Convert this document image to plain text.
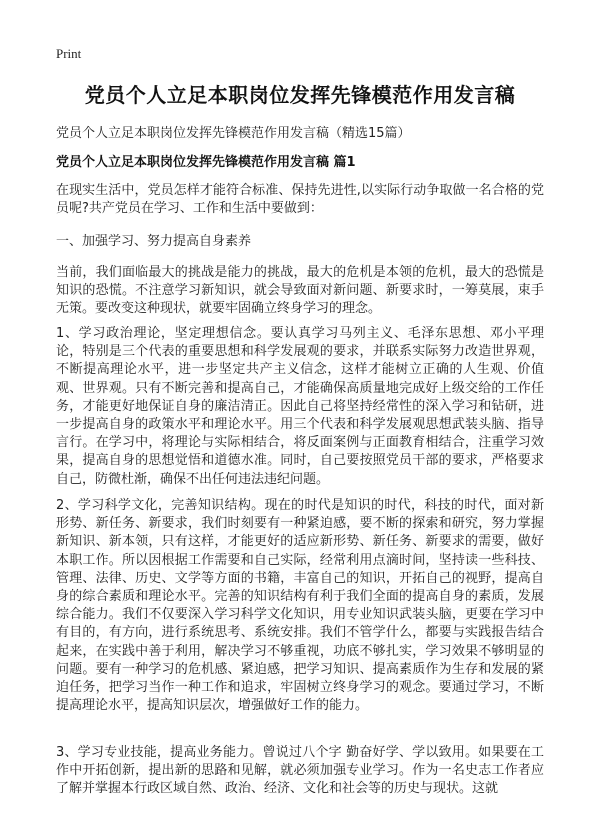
Print
党员个人立足本职岗位发挥先锋模范作用发言稿
党员个人立足本职岗位发挥先锋模范作用发言稿（精选15篇）
党员个人立足本职岗位发挥先锋模范作用发言稿 篇1

在现实生活中，党员怎样才能符合标准、保持先进性,以实际行动争取做一名合格的党员呢?共产党员在学习、工作和生活中要做到：

一、加强学习、努力提高自身素养

当前，我们面临最大的挑战是能力的挑战，最大的危机是本领的危机，最大的恐慌是知识的恐慌。不注意学习新知识，就会导致面对新问题、新要求时，一筹莫展，束手无策。要改变这种现状，就要牢固确立终身学习的理念。

1、学习政治理论，坚定理想信念。要认真学习马列主义、毛泽东思想、邓小平理论，特别是三个代表的重要思想和科学发展观的要求，并联系实际努力改造世界观，不断提高理论水平，进一步坚定共产主义信念，这样才能树立正确的人生观、价值观、世界观。只有不断完善和提高自己，才能确保高质量地完成好上级交给的工作任务，才能更好地保证自身的廉洁清正。因此自己将坚持经常性的深入学习和钻研，进一步提高自身的政策水平和理论水平。用三个代表和科学发展观思想武装头脑、指导言行。在学习中，将理论与实际相结合，将反面案例与正面教育相结合，注重学习效果，提高自身的思想觉悟和道德水准。同时，自己要按照党员干部的要求，严格要求自己，防微杜渐，确保不出任何违法违纪问题。

2、学习科学文化，完善知识结构。现在的时代是知识的时代，科技的时代，面对新形势、新任务、新要求，我们时刻要有一种紧迫感，要不断的探索和研究，努力掌握新知识、新本领，只有这样，才能更好的适应新形势、新任务、新要求的需要，做好本职工作。所以因根据工作需要和自己实际，经常利用点滴时间，坚持读一些科技、管理、法律、历史、文学等方面的书籍，丰富自己的知识，开拓自己的视野，提高自身的综合素质和理论水平。完善的知识结构有利于我们全面的提高自身的素质，发展综合能力。我们不仅要深入学习科学文化知识，用专业知识武装头脑，更要在学习中有目的，有方向，进行系统思考、系统安排。我们不管学什么，都要与实践报告结合起来，在实践中善于利用，解决学习不够重视，功底不够扎实，学习效果不够明显的问题。要有一种学习的危机感、紧迫感，把学习知识、提高素质作为生存和发展的紧迫任务，把学习当作一种工作和追求，牢固树立终身学习的观念。要通过学习，不断提高理论水平，提高知识层次，增强做好工作的能力。

3、学习专业技能，提高业务能力。曾说过八个字 勤奋好学、学以致用。如果要在工作中开拓创新，提出新的思路和见解，就必须加强专业学习。作为一名史志工作者应了解并掌握本行政区域自然、政治、经济、文化和社会等的历史与现状。这就
